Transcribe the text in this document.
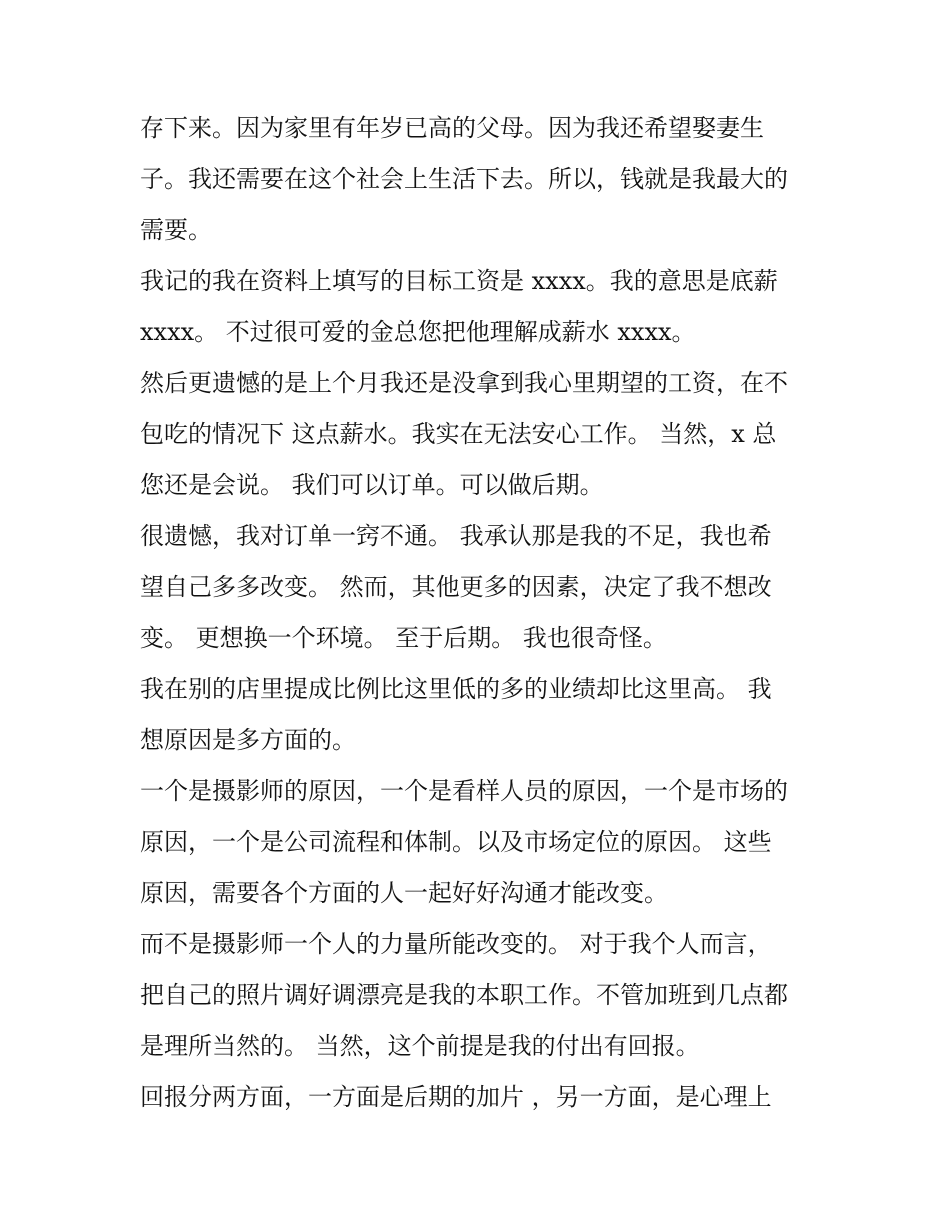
存下来。因为家里有年岁已高的父母。因为我还希望娶妻生
子。我还需要在这个社会上生活下去。所以，钱就是我最大的
需要。
我记的我在资料上填写的目标工资是 xxxx。我的意思是底薪
xxxx。 不过很可爱的金总您把他理解成薪水 xxxx。
然后更遗憾的是上个月我还是没拿到我心里期望的工资，在不
包吃的情况下 这点薪水。我实在无法安心工作。 当然，x 总
您还是会说。 我们可以订单。可以做后期。
很遗憾，我对订单一窍不通。 我承认那是我的不足，我也希
望自己多多改变。 然而，其他更多的因素，决定了我不想改
变。 更想换一个环境。 至于后期。 我也很奇怪。
我在别的店里提成比例比这里低的多的业绩却比这里高。 我
想原因是多方面的。
一个是摄影师的原因，一个是看样人员的原因，一个是市场的
原因，一个是公司流程和体制。以及市场定位的原因。 这些
原因，需要各个方面的人一起好好沟通才能改变。
而不是摄影师一个人的力量所能改变的。 对于我个人而言，
把自己的照片调好调漂亮是我的本职工作。不管加班到几点都
是理所当然的。 当然，这个前提是我的付出有回报。
回报分两方面，一方面是后期的加片 ，另一方面，是心理上
